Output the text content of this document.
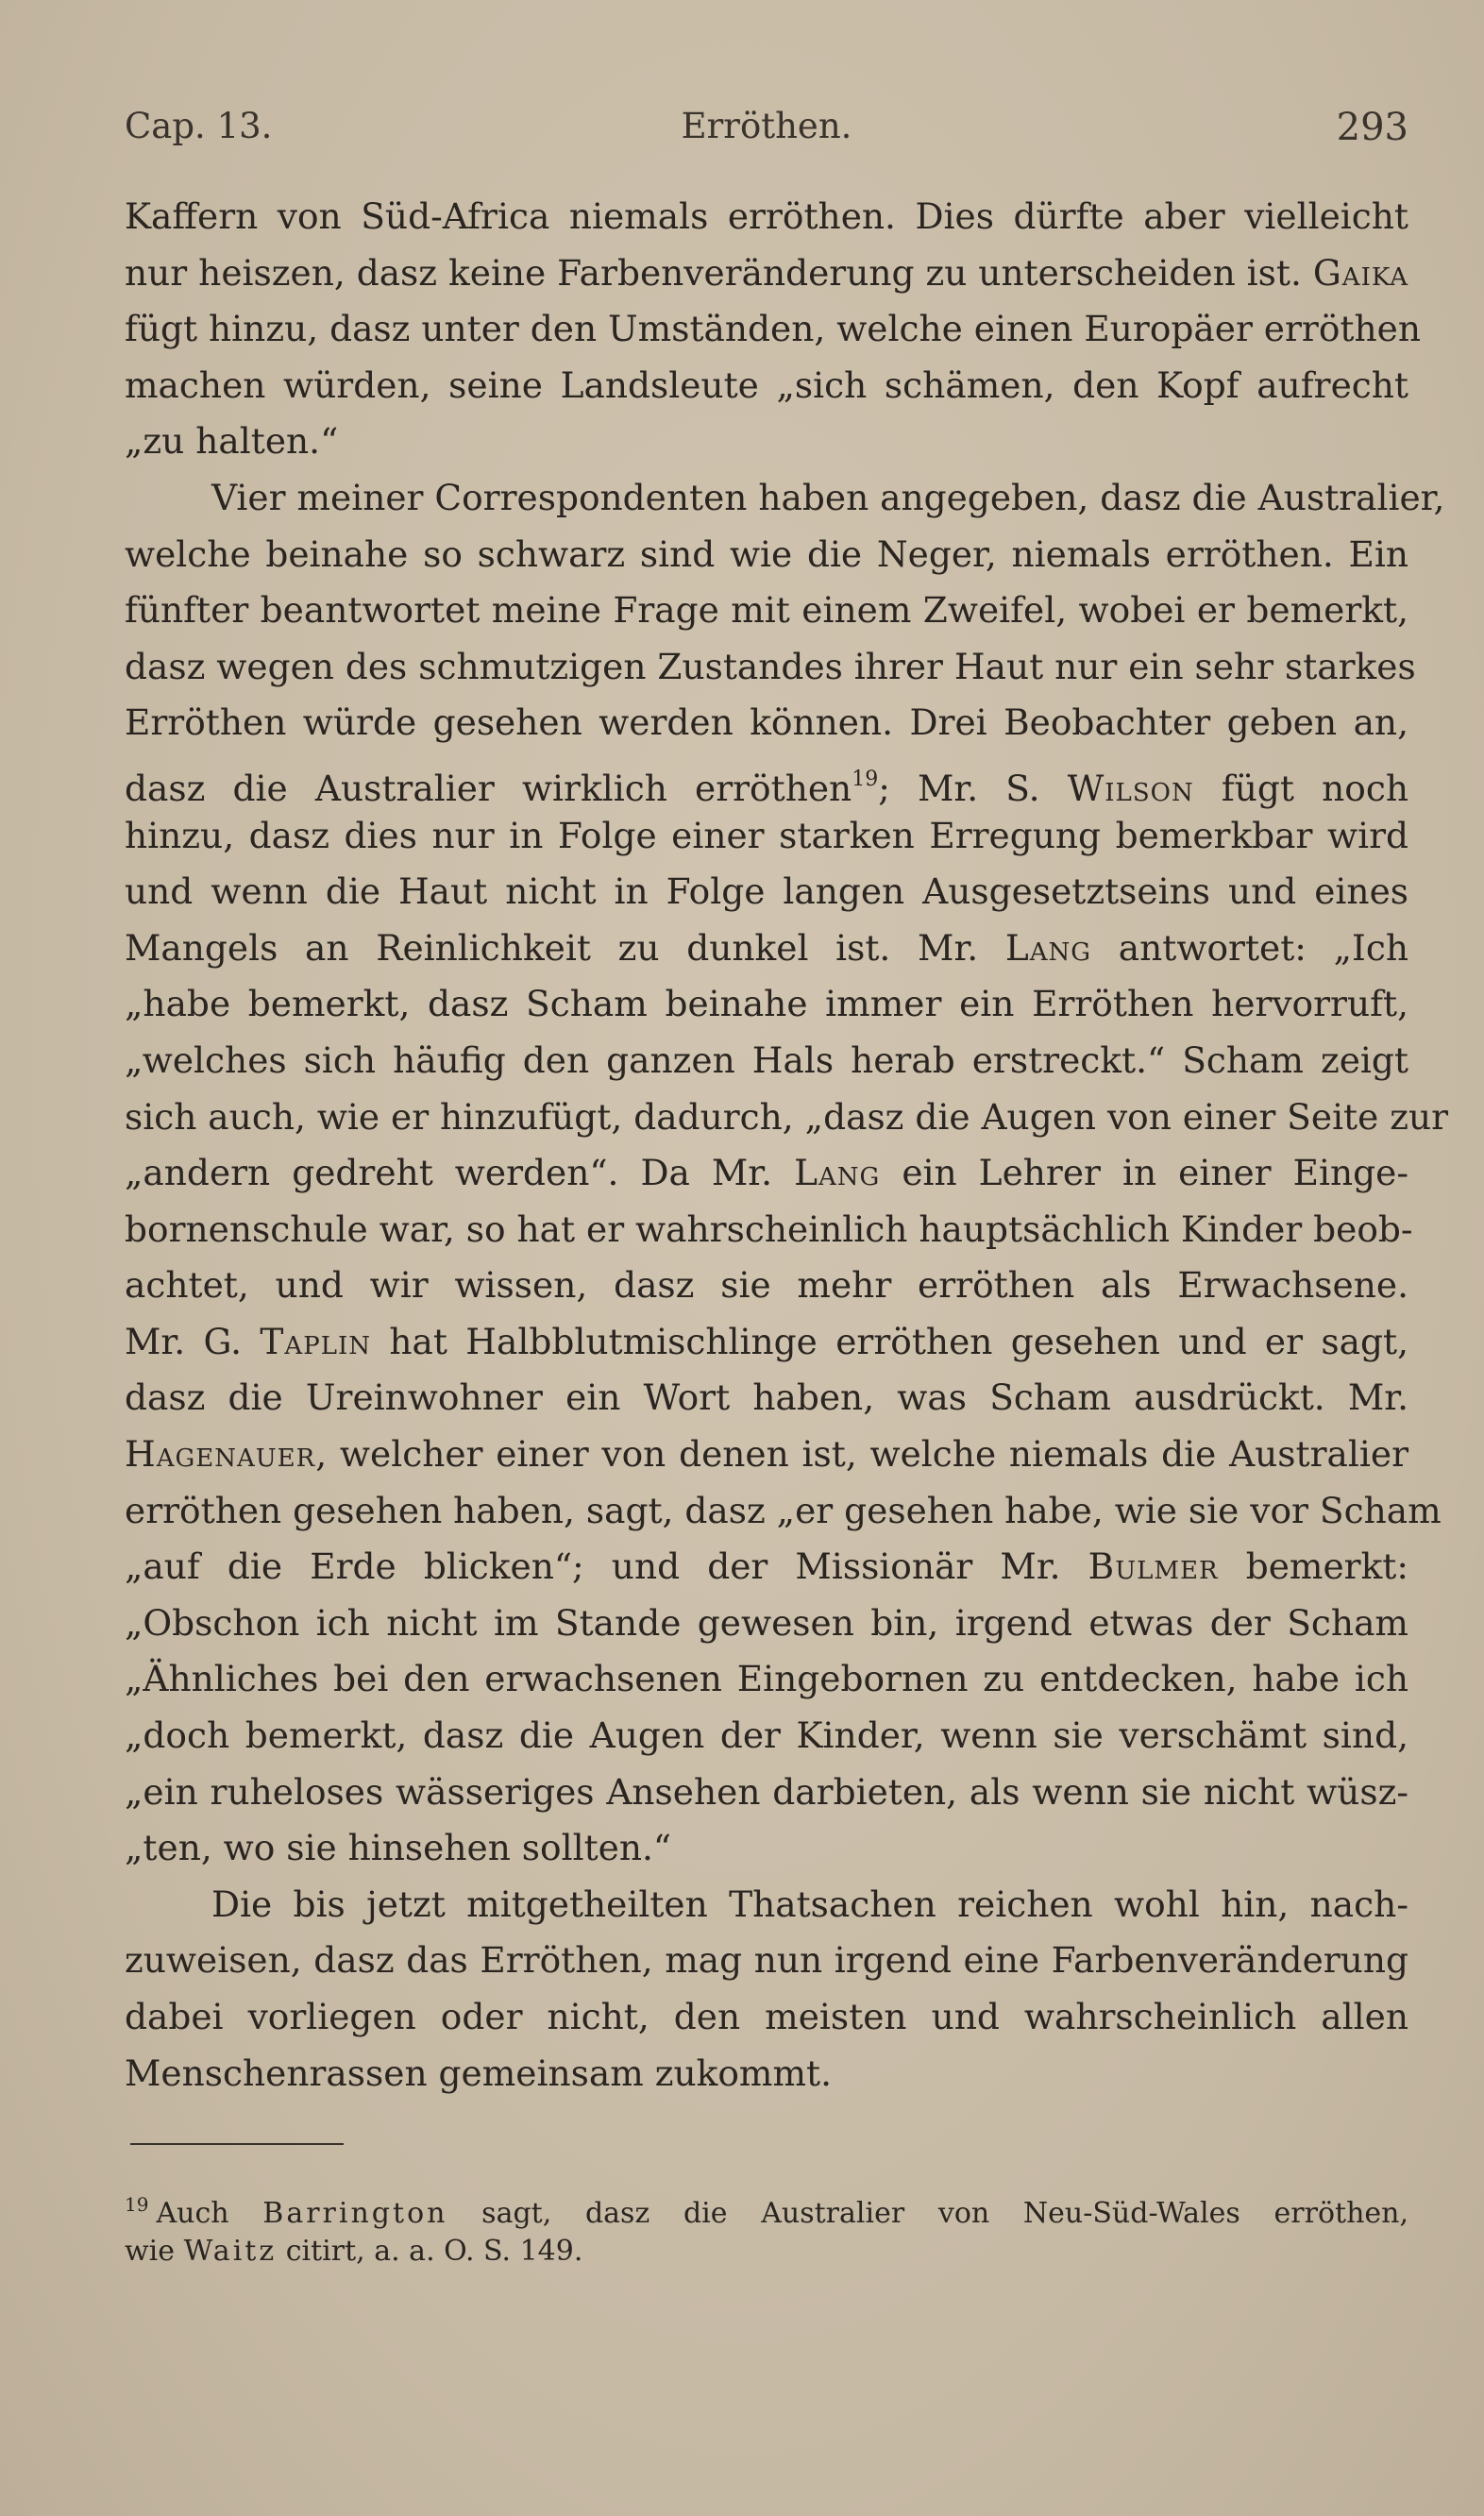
Cap. 13.	Erröthen.	293
Kaffern von Süd-Africa niemals erröthen. Dies dürfte aber vielleicht
nur heiszen, dasz keine Farbenveränderung zu unterscheiden ist. Gaika
fügt hinzu, dasz unter den Umständen, welche einen Europäer erröthen
machen würden, seine Landsleute „sich schämen, den Kopf aufrecht
„zu halten.“
Vier meiner Correspondenten haben angegeben, dasz die Australier,
welche beinahe so schwarz sind wie die Neger, niemals erröthen. Ein
fünfter beantwortet meine Frage mit einem Zweifel, wobei er bemerkt,
dasz wegen des schmutzigen Zustandes ihrer Haut nur ein sehr starkes
Erröthen würde gesehen werden können. Drei Beobachter geben an,
dasz die Australier wirklich erröthen$^{19}$; Mr. S. Wilson fügt noch
hinzu, dasz dies nur in Folge einer starken Erregung bemerkbar wird
und wenn die Haut nicht in Folge langen Ausgesetztseins und eines
Mangels an Reinlichkeit zu dunkel ist. Mr. Lang antwortet: „Ich
„habe bemerkt, dasz Scham beinahe immer ein Erröthen hervorruft,
„welches sich häufig den ganzen Hals herab erstreckt.“ Scham zeigt
sich auch, wie er hinzufügt, dadurch, „dasz die Augen von einer Seite zur
„andern gedreht werden“. Da Mr. Lang ein Lehrer in einer Einge-
bornenschule war, so hat er wahrscheinlich hauptsächlich Kinder beob-
achtet, und wir wissen, dasz sie mehr erröthen als Erwachsene.
Mr. G. Taplin hat Halbblutmischlinge erröthen gesehen und er sagt,
dasz die Ureinwohner ein Wort haben, was Scham ausdrückt. Mr.
Hagenauer, welcher einer von denen ist, welche niemals die Australier
erröthen gesehen haben, sagt, dasz „er gesehen habe, wie sie vor Scham
„auf die Erde blicken“; und der Missionär Mr. Bulmer bemerkt:
„Obschon ich nicht im Stande gewesen bin, irgend etwas der Scham
„Ähnliches bei den erwachsenen Eingebornen zu entdecken, habe ich
„doch bemerkt, dasz die Augen der Kinder, wenn sie verschämt sind,
„ein ruheloses wässeriges Ansehen darbieten, als wenn sie nicht wüsz-
„ten, wo sie hinsehen sollten.“
Die bis jetzt mitgetheilten Thatsachen reichen wohl hin, nach-
zuweisen, dasz das Erröthen, mag nun irgend eine Farbenveränderung
dabei vorliegen oder nicht, den meisten und wahrscheinlich allen
Menschenrassen gemeinsam zukommt.
$^{19}$ Auch Barrington sagt, dasz die Australier von Neu-Süd-Wales erröthen,
wie Waitz citirt, a. a. O. S. 149.
